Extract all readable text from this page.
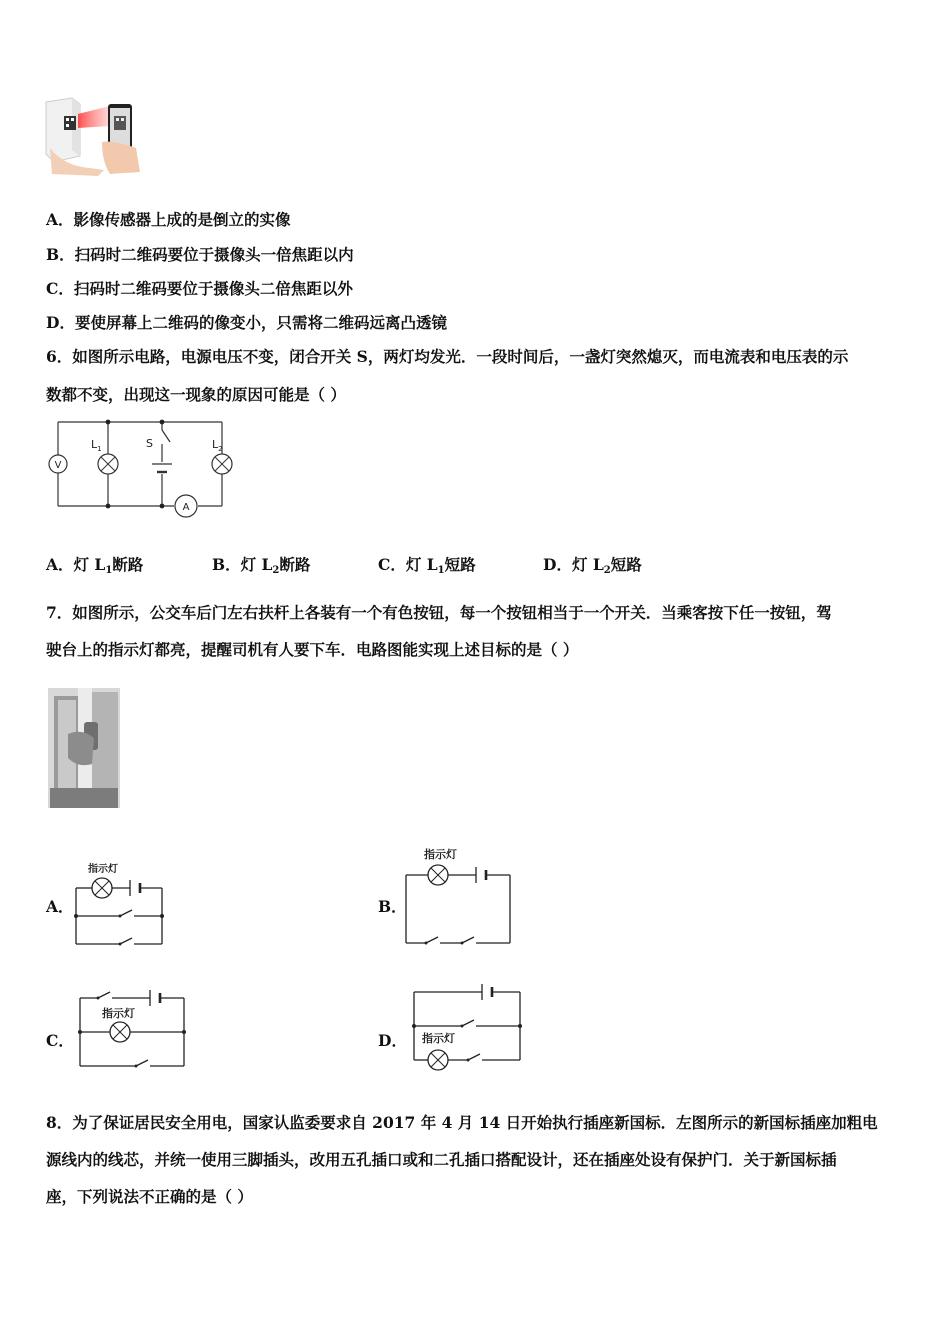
A．影像传感器上成的是倒立的实像
B．扫码时二维码要位于摄像头一倍焦距以内
C．扫码时二维码要位于摄像头二倍焦距以外
D．要使屏幕上二维码的像变小，只需将二维码远离凸透镜
6．如图所示电路，电源电压不变，闭合开关 S，两灯均发光．一段时间后，一盏灯突然熄灭，而电流表和电压表的示
数都不变，出现这一现象的原因可能是（ ）
V
$L_1$	S	$L_2$
A
A．灯 $L_1$断路	B．灯 $L_2$断路	C．灯 $L_1$短路	D．灯 $L_2$短路
7．如图所示，公交车后门左右扶杆上各装有一个有色按钮，每一个按钮相当于一个开关．当乘客按下任一按钮，驾
驶台上的指示灯都亮，提醒司机有人要下车．电路图能实现上述目标的是（ ）
A．	B．
C．	D．
指示灯
指示灯
指示灯
指示灯
8．为了保证居民安全用电，国家认监委要求自 2017 年 4 月 14 日开始执行插座新国标．左图所示的新国标插座加粗电
源线内的线芯，并统一使用三脚插头，改用五孔插口或和二孔插口搭配设计，还在插座处设有保护门．关于新国标插
座，下列说法不正确的是（ ）
